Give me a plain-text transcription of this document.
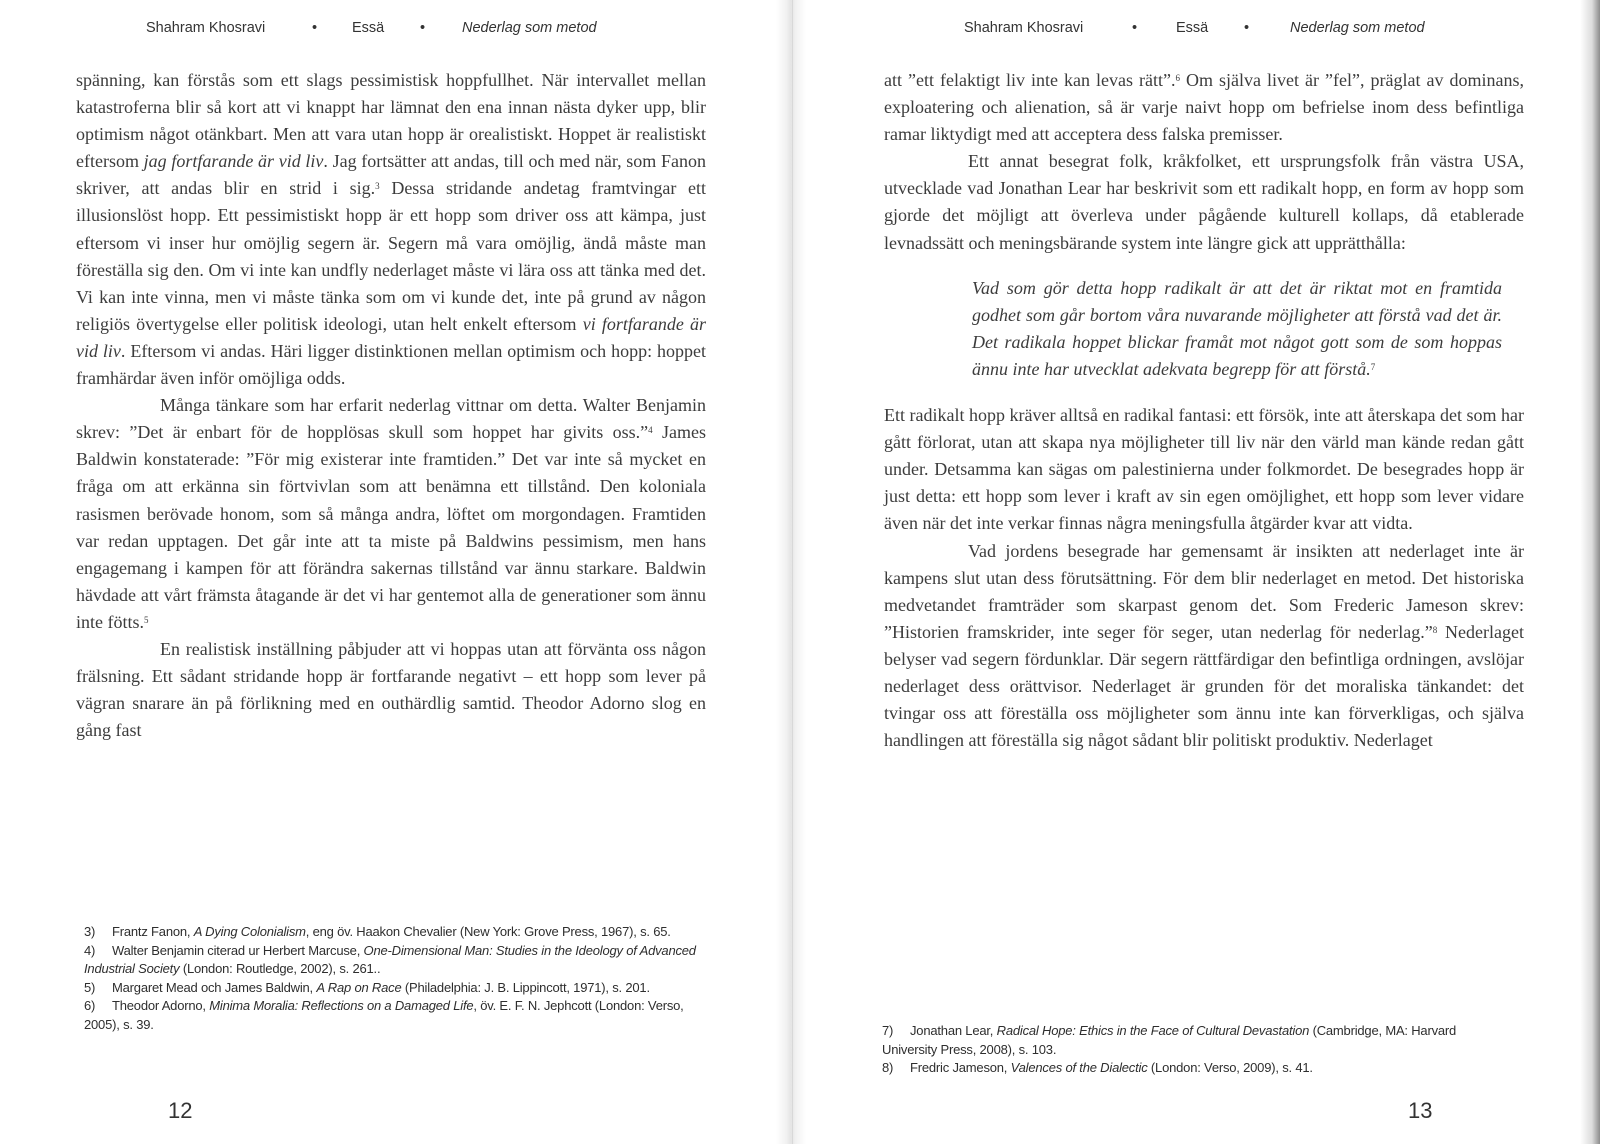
Shahram Khosravi	• Essä •	Nederlag som metod

spänning, kan förstås som ett slags pessimistisk hoppfullhet. När intervallet mellan katastroferna blir så kort att vi knappt har lämnat den ena innan nästa dyker upp, blir optimism något otänkbart. Men att vara utan hopp är orealistiskt. Hoppet är realistiskt eftersom jag fortfarande är vid liv. Jag fortsätter att andas, till och med när, som Fanon skriver, att andas blir en strid i sig.$^3$ Dessa stridande andetag framtvingar ett illusionslöst hopp. Ett pessimistiskt hopp är ett hopp som driver oss att kämpa, just eftersom vi inser hur omöjlig segern är. Segern må vara omöjlig, ändå måste man föreställa sig den. Om vi inte kan undfly nederlaget måste vi lära oss att tänka med det. Vi kan inte vinna, men vi måste tänka som om vi kunde det, inte på grund av någon religiös övertygelse eller politisk ideologi, utan helt enkelt eftersom vi fortfarande är vid liv. Eftersom vi andas. Häri ligger distinktionen mellan optimism och hopp: hoppet framhärdar även inför omöjliga odds.

Många tänkare som har erfarit nederlag vittnar om detta. Walter Benjamin skrev: ”Det är enbart för de hopplösas skull som hoppet har givits oss.”$^4$ James Baldwin konstaterade: ”För mig existerar inte framtiden.” Det var inte så mycket en fråga om att erkänna sin förtvivlan som att benämna ett tillstånd. Den koloniala rasismen berövade honom, som så många andra, löftet om morgondagen. Framtiden var redan upptagen. Det går inte att ta miste på Baldwins pessimism, men hans engagemang i kampen för att förändra sakernas tillstånd var ännu starkare. Baldwin hävdade att vårt främsta åtagande är det vi har gentemot alla de generationer som ännu inte fötts.$^5$

En realistisk inställning påbjuder att vi hoppas utan att förvänta oss någon frälsning. Ett sådant stridande hopp är fortfarande negativt – ett hopp som lever på vägran snarare än på förlikning med en outhärdlig samtid. Theodor Adorno slog en gång fast

3) Frantz Fanon, A Dying Colonialism, eng öv. Haakon Chevalier (New York: Grove Press, 1967), s. 65.

4) Walter Benjamin citerad ur Herbert Marcuse, One-Dimensional Man: Studies in the Ideology of Advanced Industrial Society (London: Routledge, 2002), s. 261..

5) Margaret Mead och James Baldwin, A Rap on Race (Philadelphia: J. B. Lippincott, 1971), s. 201.

6) Theodor Adorno, Minima Moralia: Reflections on a Damaged Life, öv. E. F. N. Jephcott (London: Verso, 2005), s. 39.

12
Shahram Khosravi	•	Essä •	Nederlag som metod

att ”ett felaktigt liv inte kan levas rätt”.$^6$ Om själva livet är ”fel”, präglat av dominans, exploatering och alienation, så är varje naivt hopp om befrielse inom dess befintliga ramar liktydigt med att acceptera dess falska premisser.

Ett annat besegrat folk, kråkfolket, ett ursprungsfolk från västra USA, utvecklade vad Jonathan Lear har beskrivit som ett radikalt hopp, en form av hopp som gjorde det möjligt att överleva under pågående kulturell kollaps, då etablerade levnadssätt och meningsbärande system inte längre gick att upprätthålla:

Vad som gör detta hopp radikalt är att det är riktat mot en framtida godhet som går bortom våra nuvarande möjligheter att förstå vad det är. Det radikala hoppet blickar framåt mot något gott som de som hoppas ännu inte har utvecklat adekvata begrepp för att förstå.$^7$

Ett radikalt hopp kräver alltså en radikal fantasi: ett försök, inte att återskapa det som har gått förlorat, utan att skapa nya möjligheter till liv när den värld man kände redan gått under. Detsamma kan sägas om palestinierna under folkmordet. De besegrades hopp är just detta: ett hopp som lever i kraft av sin egen omöjlighet, ett hopp som lever vidare även när det inte verkar finnas några meningsfulla åtgärder kvar att vidta.

Vad jordens besegrade har gemensamt är insikten att nederlaget inte är kampens slut utan dess förutsättning. För dem blir nederlaget en metod. Det historiska medvetandet framträder som skarpast genom det. Som Frederic Jameson skrev: ”Historien framskrider, inte seger för seger, utan nederlag för nederlag.”$^8$ Nederlaget belyser vad segern fördunklar. Där segern rättfärdigar den befintliga ordningen, avslöjar nederlaget dess orättvisor. Nederlaget är grunden för det moraliska tänkandet: det tvingar oss att föreställa oss möjligheter som ännu inte kan förverkligas, och själva handlingen att föreställa sig något sådant blir politiskt produktiv. Nederlaget

7) Jonathan Lear, Radical Hope: Ethics in the Face of Cultural Devastation (Cambridge, MA: Harvard University Press, 2008), s. 103.

8) Fredric Jameson, Valences of the Dialectic (London: Verso, 2009), s. 41.

13
